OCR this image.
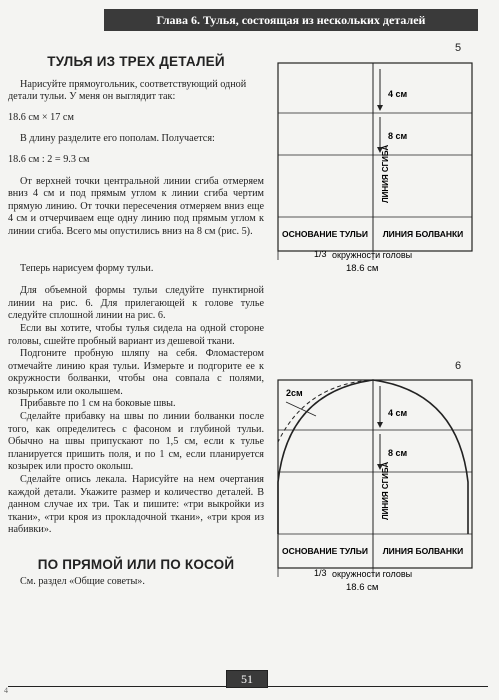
Глава 6. Тулья, состоящая из нескольких деталей

ТУЛЬЯ ИЗ ТРЕХ ДЕТАЛЕЙ

Нарисуйте прямоугольник, соответствующий одной детали тульи. У меня он выглядит так:

18.6 см × 17 см

В длину разделите его пополам. Получается:

18.6 см : 2 = 9.3 см

От верхней точки центральной линии сгиба отмеряем вниз 4 см и под прямым углом к линии сгиба чертим прямую линию. От точки пересечения отмеряем вниз еще 4 см и отчерчиваем еще одну линию под прямым углом к линии сгиба. Всего мы опустились вниз на 8 см (рис. 5).

Теперь нарисуем форму тульи.

Для объемной формы тульи следуйте пунктирной линии на рис. 6. Для прилегающей к голове тулье следуйте сплошной линии на рис. 6.

Если вы хотите, чтобы тулья сидела на одной стороне головы, сшейте пробный вариант из дешевой ткани.

Подгоните пробную шляпу на себя. Фломастером отмечайте линию края тульи. Измерьте и подгорите ее к окружности болванки, чтобы она совпала с полями, козырьком или околышем.

Прибавьте по 1 см на боковые швы.

Сделайте прибавку на швы по линии болванки после того, как определитесь с фасоном и глубиной тульи. Обычно на швы припускают по 1,5 см, если к тулье планируется пришить поля, и по 1 см, если планируется козырек или просто околыш.

Сделайте опись лекала. Нарисуйте на нем очертания каждой детали. Укажите размер и количество деталей. В данном случае их три. Так и пишите: «три выкройки из ткани», «три кроя из прокладочной ткани», «три кроя из набивки».

ПО ПРЯМОЙ ИЛИ ПО КОСОЙ

См. раздел «Общие советы».

5
4 см
8 см
ЛИНИЯ СГИБА
ОСНОВАНИЕ ТУЛЬИ ЛИНИЯ БОЛВАНКИ
1/3 окружности головы
18.6 см
6
2см
4 см
8 см
ЛИНИЯ СГИБА
ОСНОВАНИЕ ТУЛЬИ ЛИНИЯ БОЛВАНКИ
1/3 окружности головы
18.6 см
51
4
